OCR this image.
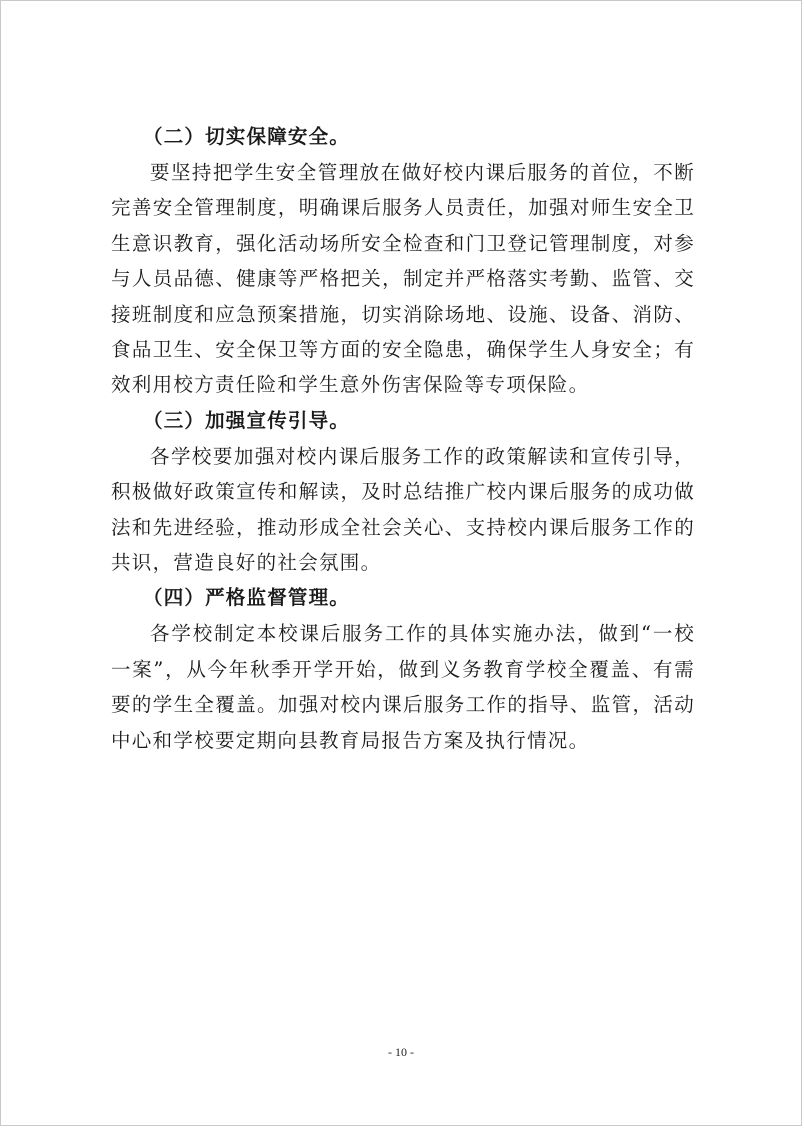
（二）切实保障安全。

要坚持把学生安全管理放在做好校内课后服务的首位，不断完善安全管理制度，明确课后服务人员责任，加强对师生安全卫生意识教育，强化活动场所安全检查和门卫登记管理制度，对参与人员品德、健康等严格把关，制定并严格落实考勤、监管、交接班制度和应急预案措施，切实消除场地、设施、设备、消防、食品卫生、安全保卫等方面的安全隐患，确保学生人身安全；有效利用校方责任险和学生意外伤害保险等专项保险。

（三）加强宣传引导。

各学校要加强对校内课后服务工作的政策解读和宣传引导，积极做好政策宣传和解读，及时总结推广校内课后服务的成功做法和先进经验，推动形成全社会关心、支持校内课后服务工作的共识，营造良好的社会氛围。

（四）严格监督管理。

各学校制定本校课后服务工作的具体实施办法，做到“一校一案”，从今年秋季开学开始，做到义务教育学校全覆盖、有需要的学生全覆盖。加强对校内课后服务工作的指导、监管，活动中心和学校要定期向县教育局报告方案及执行情况。

- 10 -
